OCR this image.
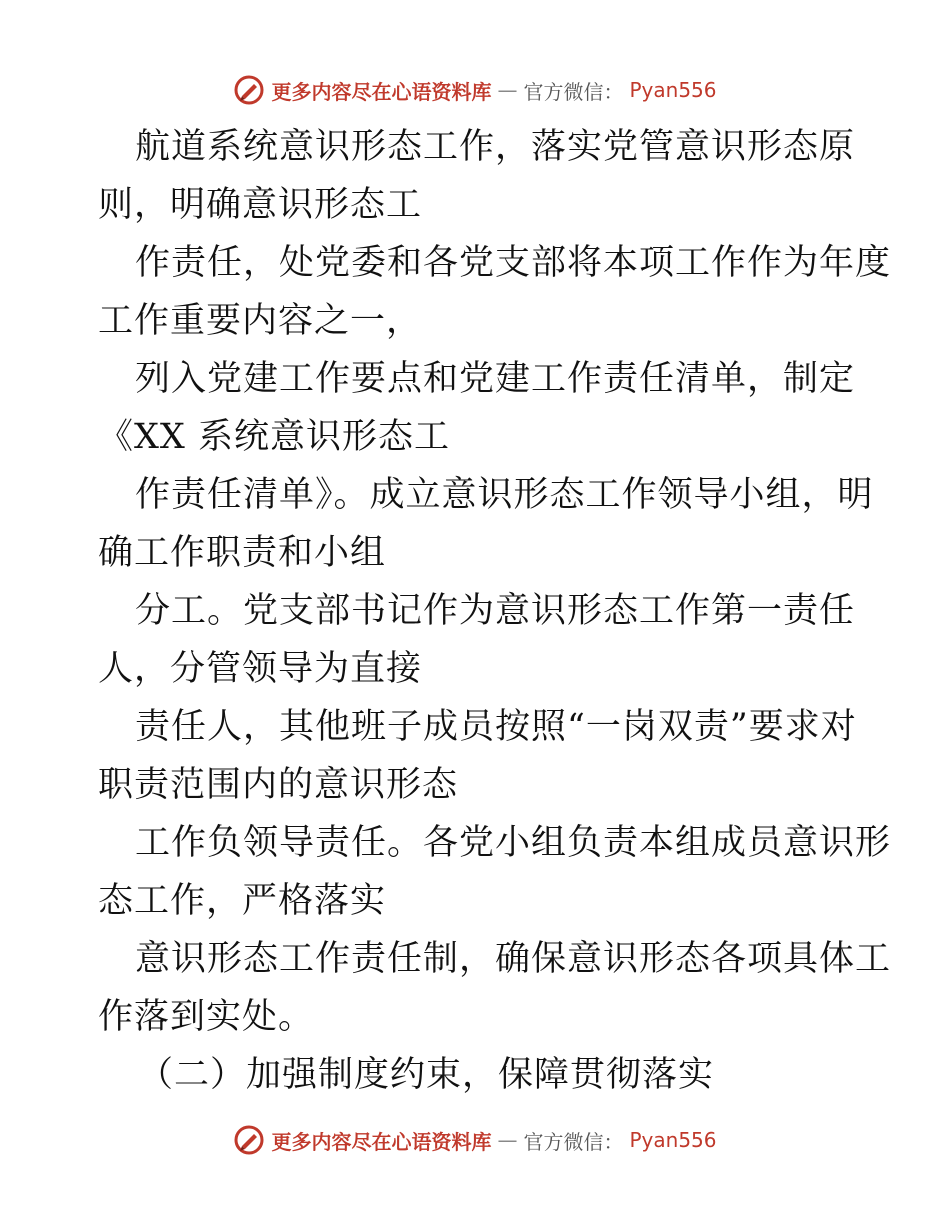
更多内容尽在心语资料库 — 官方微信： Pyan556
航道系统意识形态工作，落实党管意识形态原
则，明确意识形态工
作责任，处党委和各党支部将本项工作作为年度
工作重要内容之一，
列入党建工作要点和党建工作责任清单，制定
《XX 系统意识形态工
作责任清单》。成立意识形态工作领导小组，明
确工作职责和小组
分工。党支部书记作为意识形态工作第一责任
人，分管领导为直接
责任人，其他班子成员按照“一岗双责”要求对
职责范围内的意识形态
工作负领导责任。各党小组负责本组成员意识形
态工作，严格落实
意识形态工作责任制，确保意识形态各项具体工
作落到实处。
（二）加强制度约束，保障贯彻落实
更多内容尽在心语资料库 — 官方微信： Pyan556
